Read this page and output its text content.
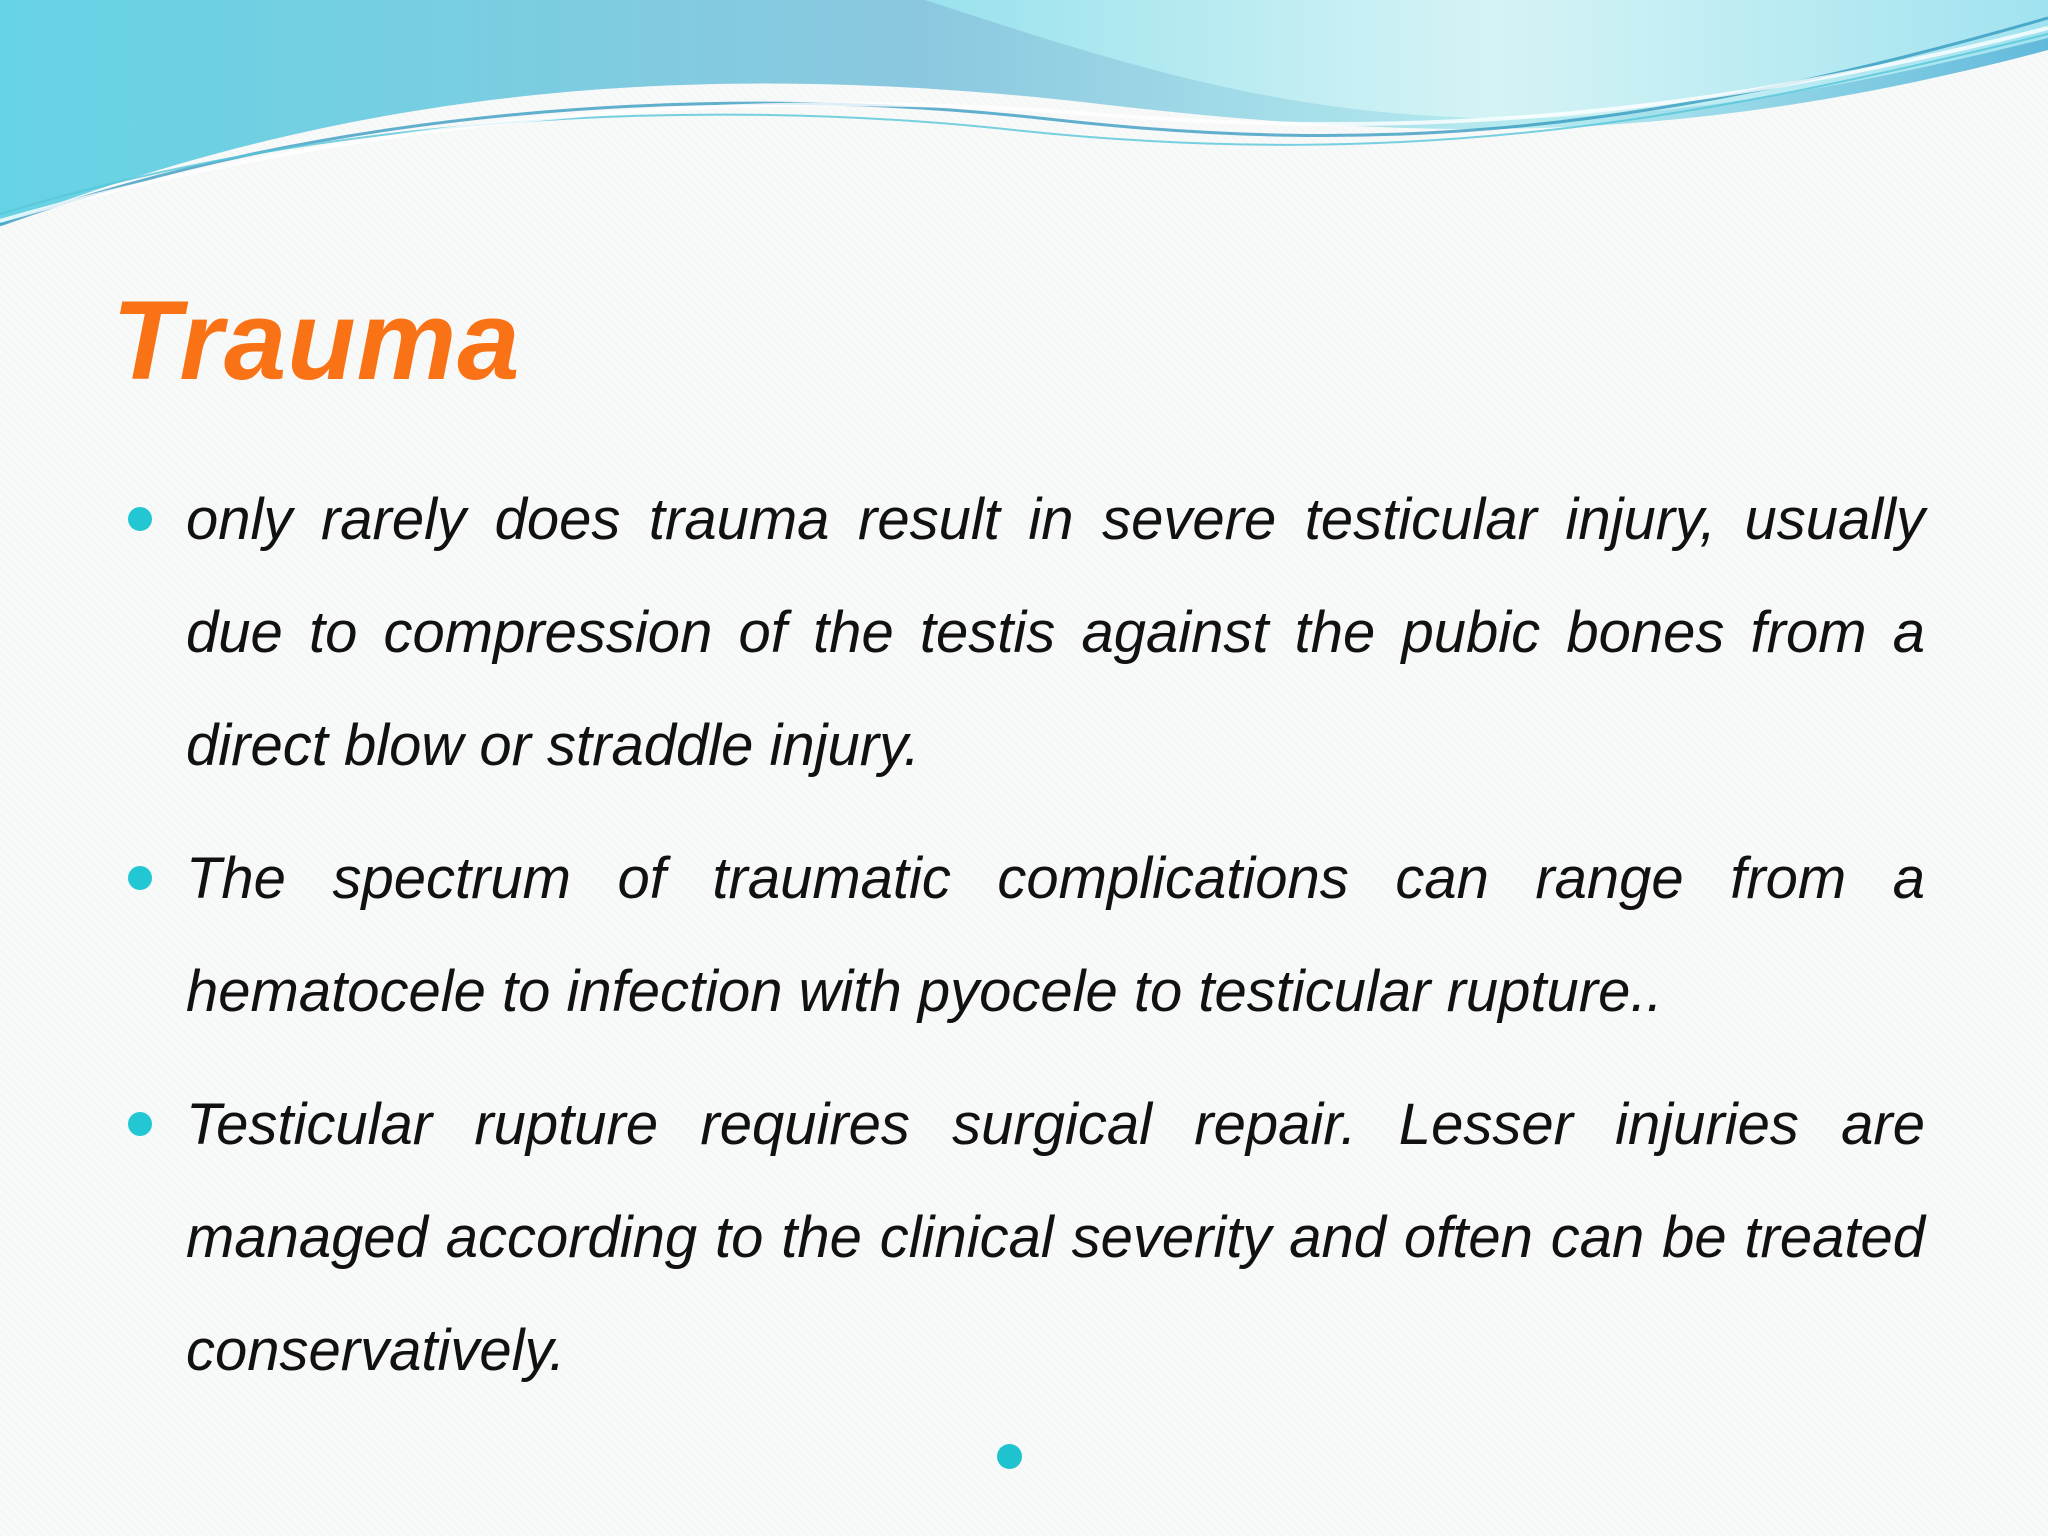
Trauma
only rarely does trauma result in severe testicular injury, usually due to compression of the testis against the pubic bones from a direct blow or straddle injury.
The spectrum of traumatic complications can range from a hematocele to infection with pyocele to testicular rupture..
Testicular rupture requires surgical repair. Lesser injuries are managed according to the clinical severity and often can be treated conservatively.
